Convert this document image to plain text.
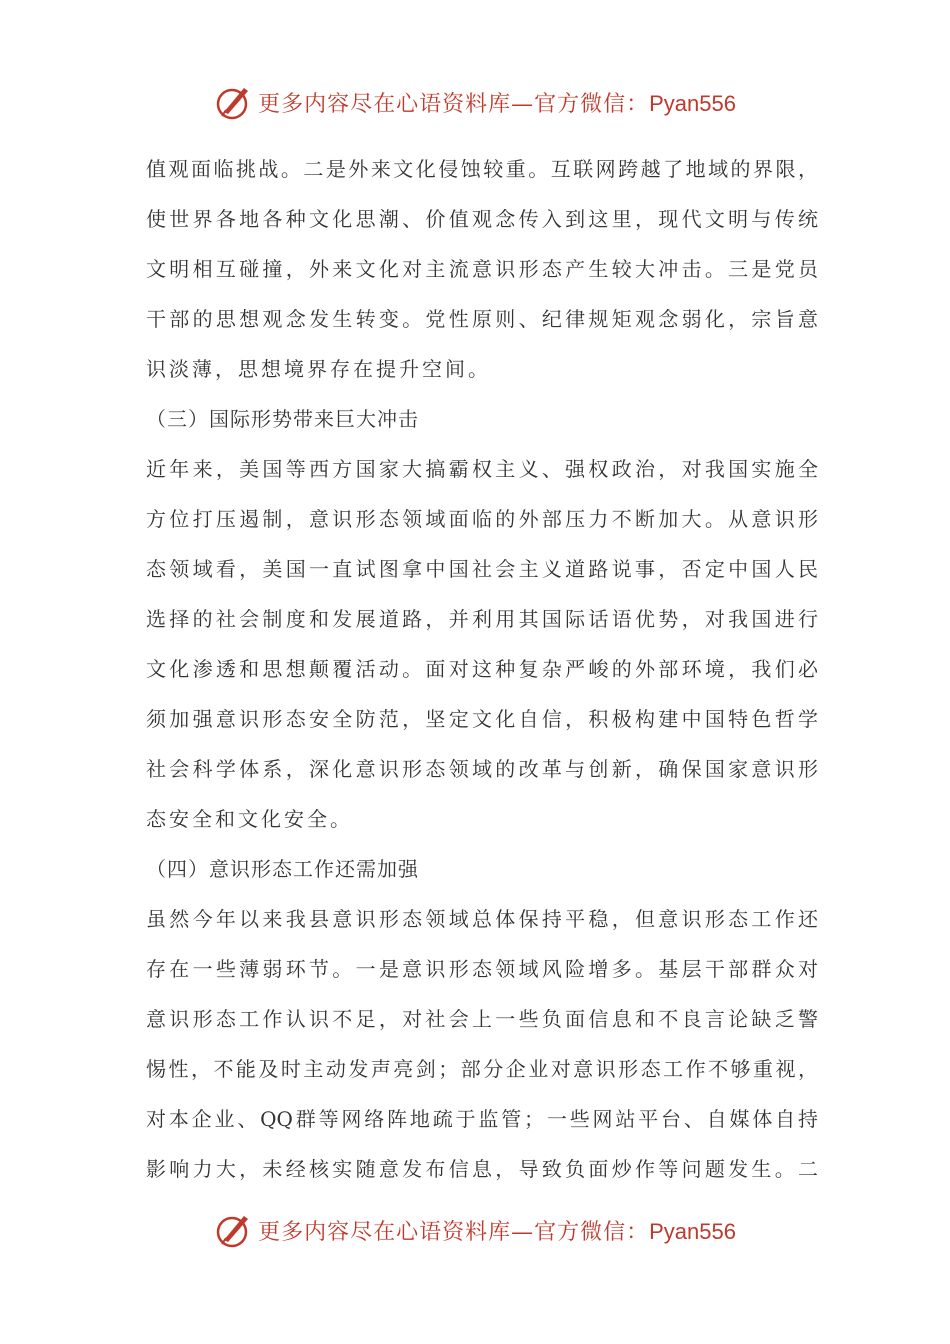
更多内容尽在心语资料库—官方微信：Pyan556
值观面临挑战。二是外来文化侵蚀较重。互联网跨越了地域的界限，
使世界各地各种文化思潮、价值观念传入到这里，现代文明与传统
文明相互碰撞，外来文化对主流意识形态产生较大冲击。三是党员
干部的思想观念发生转变。党性原则、纪律规矩观念弱化，宗旨意
识淡薄，思想境界存在提升空间。
（三）国际形势带来巨大冲击
近年来，美国等西方国家大搞霸权主义、强权政治，对我国实施全
方位打压遏制，意识形态领域面临的外部压力不断加大。从意识形
态领域看，美国一直试图拿中国社会主义道路说事，否定中国人民
选择的社会制度和发展道路，并利用其国际话语优势，对我国进行
文化渗透和思想颠覆活动。面对这种复杂严峻的外部环境，我们必
须加强意识形态安全防范，坚定文化自信，积极构建中国特色哲学
社会科学体系，深化意识形态领域的改革与创新，确保国家意识形
态安全和文化安全。
（四）意识形态工作还需加强
虽然今年以来我县意识形态领域总体保持平稳，但意识形态工作还
存在一些薄弱环节。一是意识形态领域风险增多。基层干部群众对
意识形态工作认识不足，对社会上一些负面信息和不良言论缺乏警
惕性，不能及时主动发声亮剑；部分企业对意识形态工作不够重视，
对本企业、QQ群等网络阵地疏于监管；一些网站平台、自媒体自持
影响力大，未经核实随意发布信息，导致负面炒作等问题发生。二
更多内容尽在心语资料库—官方微信：Pyan556
